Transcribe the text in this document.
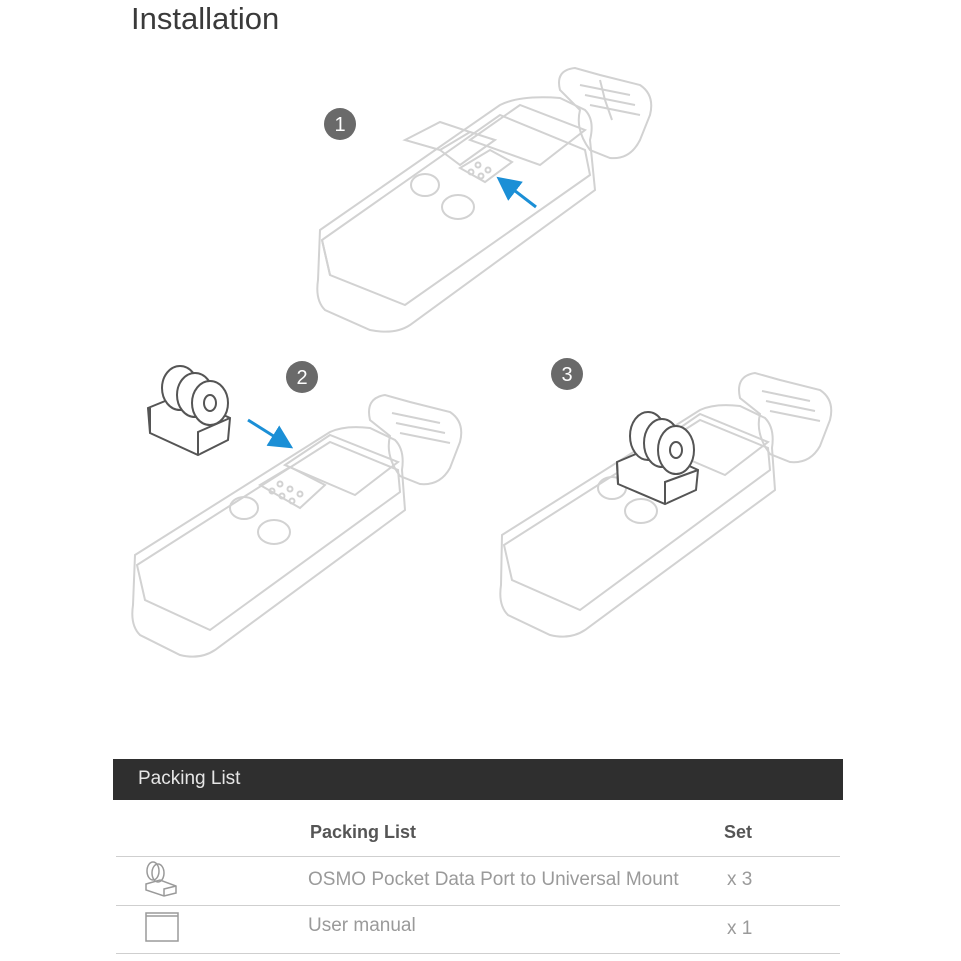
Installation
1
2	3
Packing List
Packing List	Set
OSMO Pocket Data Port to Universal Mount	x 3
User manual	x 1
